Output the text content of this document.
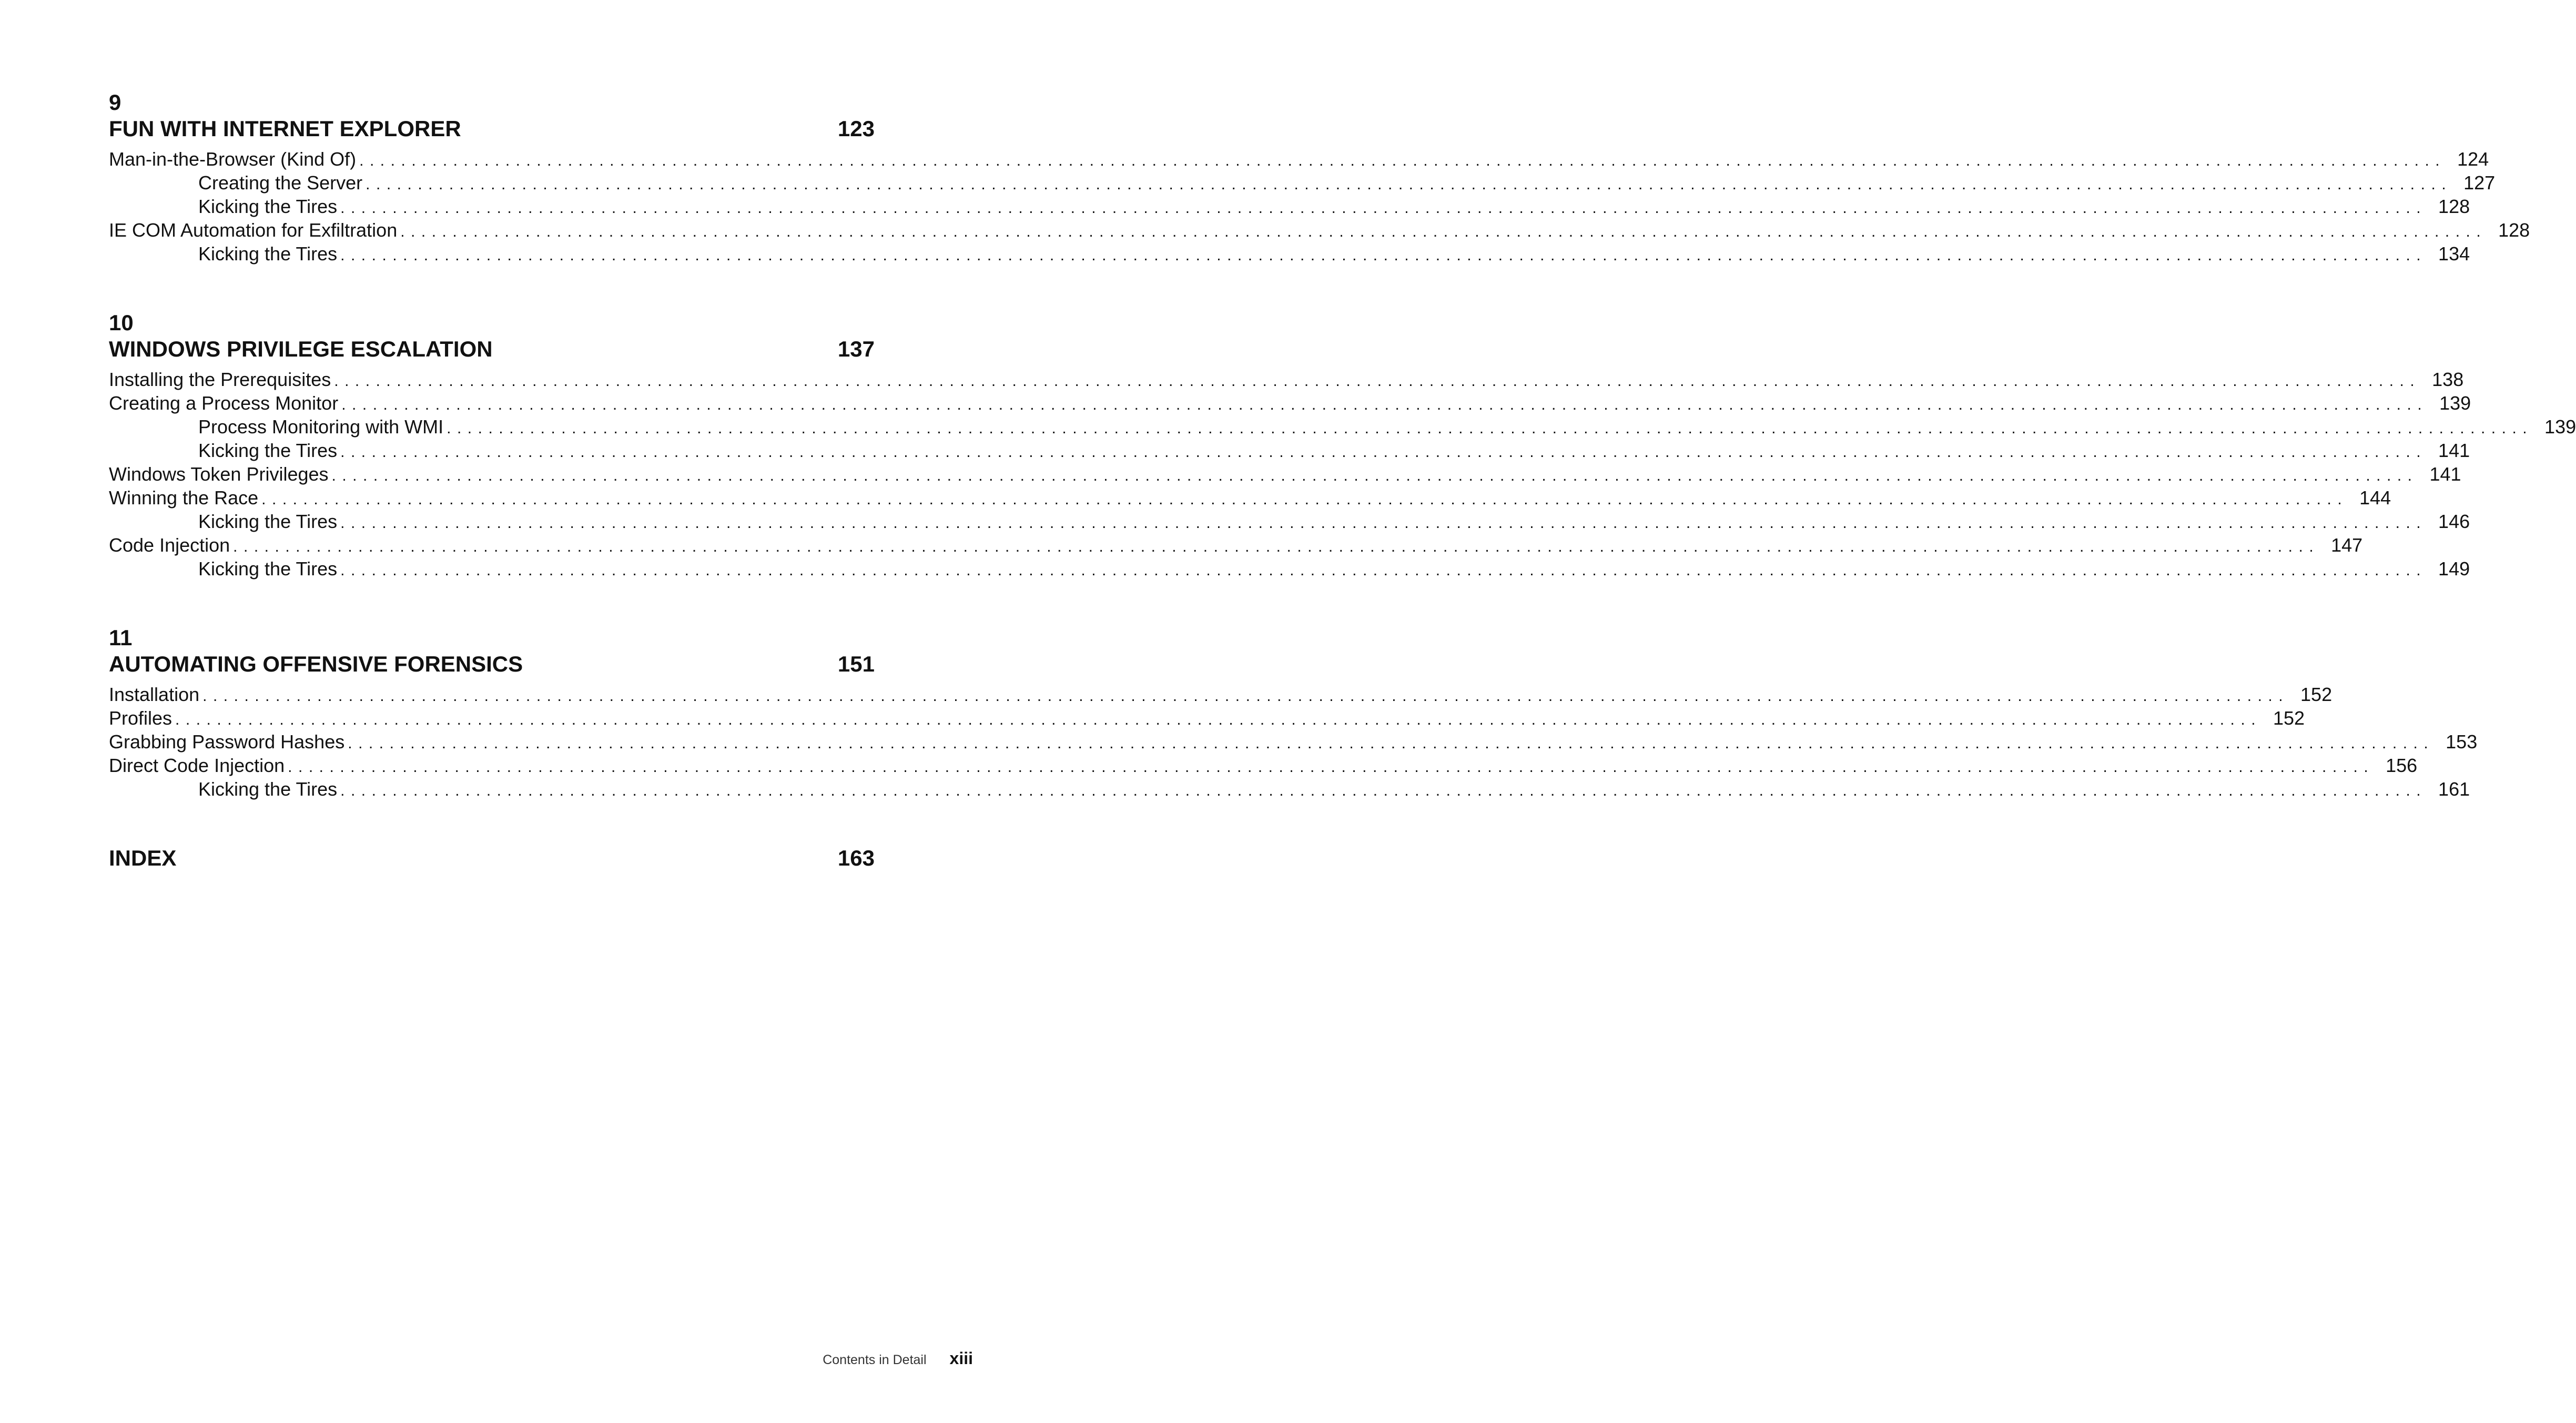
9
FUN WITH INTERNET EXPLORER	123
Man-in-the-Browser (Kind Of) ........................................................................................................................................................................................................ 124
Creating the Server ........................................................................................................................................................................................................ 127
Kicking the Tires ........................................................................................................................................................................................................ 128
IE COM Automation for Exfiltration ........................................................................................................................................................................................................ 128
Kicking the Tires ........................................................................................................................................................................................................ 134
10
WINDOWS PRIVILEGE ESCALATION	137
Installing the Prerequisites ........................................................................................................................................................................................................ 138
Creating a Process Monitor ........................................................................................................................................................................................................ 139
Process Monitoring with WMI ........................................................................................................................................................................................................ 139
Kicking the Tires ........................................................................................................................................................................................................ 141
Windows Token Privileges ........................................................................................................................................................................................................ 141
Winning the Race ........................................................................................................................................................................................................ 144
Kicking the Tires ........................................................................................................................................................................................................ 146
Code Injection ........................................................................................................................................................................................................ 147
Kicking the Tires ........................................................................................................................................................................................................ 149
11
AUTOMATING OFFENSIVE FORENSICS	151
Installation ........................................................................................................................................................................................................ 152
Profiles ........................................................................................................................................................................................................ 152
Grabbing Password Hashes ........................................................................................................................................................................................................ 153
Direct Code Injection ........................................................................................................................................................................................................ 156
Kicking the Tires ........................................................................................................................................................................................................ 161
INDEX	163
Contents in Detail xiii
